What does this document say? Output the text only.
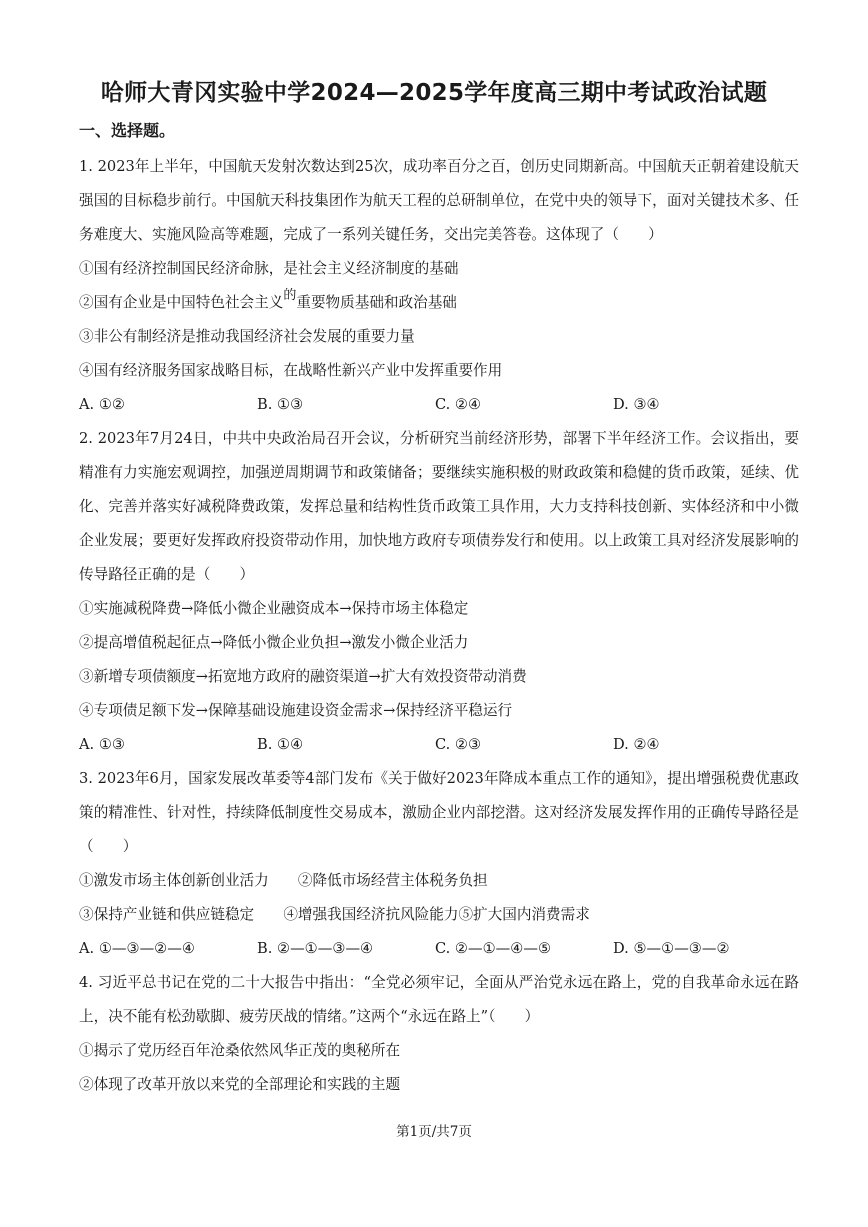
哈师大青冈实验中学2024—2025学年度高三期中考试政治试题
一、选择题。

1. 2023年上半年，中国航天发射次数达到25次，成功率百分之百，创历史同期新高。中国航天正朝着建设航天强国的目标稳步前行。中国航天科技集团作为航天工程的总研制单位，在党中央的领导下，面对关键技术多、任务难度大、实施风险高等难题，完成了一系列关键任务，交出完美答卷。这体现了（　　）

①国有经济控制国民经济命脉，是社会主义经济制度的基础
②国有企业是中国特色社会主义的重要物质基础和政治基础
③非公有制经济是推动我国经济社会发展的重要力量
④国有经济服务国家战略目标，在战略性新兴产业中发挥重要作用
A. ①②	B. ①③	C. ②④	D. ③④

2. 2023年7月24日，中共中央政治局召开会议，分析研究当前经济形势，部署下半年经济工作。会议指出，要精准有力实施宏观调控，加强逆周期调节和政策储备；要继续实施积极的财政政策和稳健的货币政策，延续、优化、完善并落实好减税降费政策，发挥总量和结构性货币政策工具作用，大力支持科技创新、实体经济和中小微企业发展；要更好发挥政府投资带动作用，加快地方政府专项债券发行和使用。以上政策工具对经济发展影响的传导路径正确的是（　　）

①实施减税降费→降低小微企业融资成本→保持市场主体稳定
②提高增值税起征点→降低小微企业负担→激发小微企业活力
③新增专项债额度→拓宽地方政府的融资渠道→扩大有效投资带动消费
④专项债足额下发→保障基础设施建设资金需求→保持经济平稳运行
A. ①③	B. ①④	C. ②③	D. ②④

3. 2023年6月，国家发展改革委等4部门发布《关于做好2023年降成本重点工作的通知》，提出增强税费优惠政策的精准性、针对性，持续降低制度性交易成本，激励企业内部挖潜。这对经济发展发挥作用的正确传导路径是（　　）

①激发市场主体创新创业活力　　②降低市场经营主体税务负担
③保持产业链和供应链稳定　　④增强我国经济抗风险能力⑤扩大国内消费需求
A. ①—③—②—④	B. ②—①—③—④	C. ②—①—④—⑤	D. ⑤—①—③—②

4. 习近平总书记在党的二十大报告中指出：“全党必须牢记，全面从严治党永远在路上，党的自我革命永远在路上，决不能有松劲歇脚、疲劳厌战的情绪。”这两个“永远在路上”（　　）

①揭示了党历经百年沧桑依然风华正茂的奥秘所在
②体现了改革开放以来党的全部理论和实践的主题
第1页/共7页
